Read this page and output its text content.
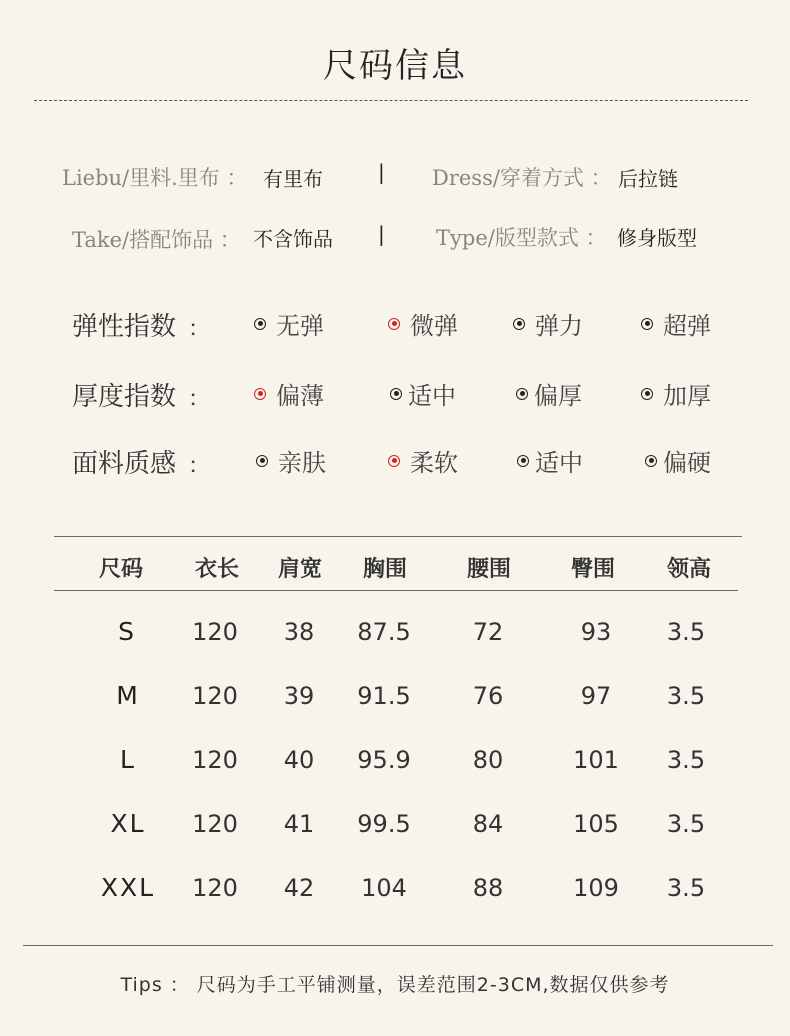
尺码信息
Liebu/里料.里布 ： 有里布	| Dress/穿着方式 ： 后拉链
Take/搭配饰品 ： 不含饰品 | Type/版型款式 ： 修身版型
弹性指数 ：	无弹	微弹	弹力	超弹
厚度指数 ：	偏薄	适中	偏厚	加厚
面料质感 ：	亲肤	柔软	适中	偏硬
尺码 衣长 肩宽 胸围	腰围	臀围 领高
S 120 38 87.5	72	93 3.5
M 120 39 91.5	76	97 3.5
L 120 40 95.9	80	101 3.5
XL 120 41 99.5	84	105 3.5
XXL 120 42 104	88	109 3.5
Tips ： 尺码为手工平铺测量，误差范围2-3CM,数据仅供参考
